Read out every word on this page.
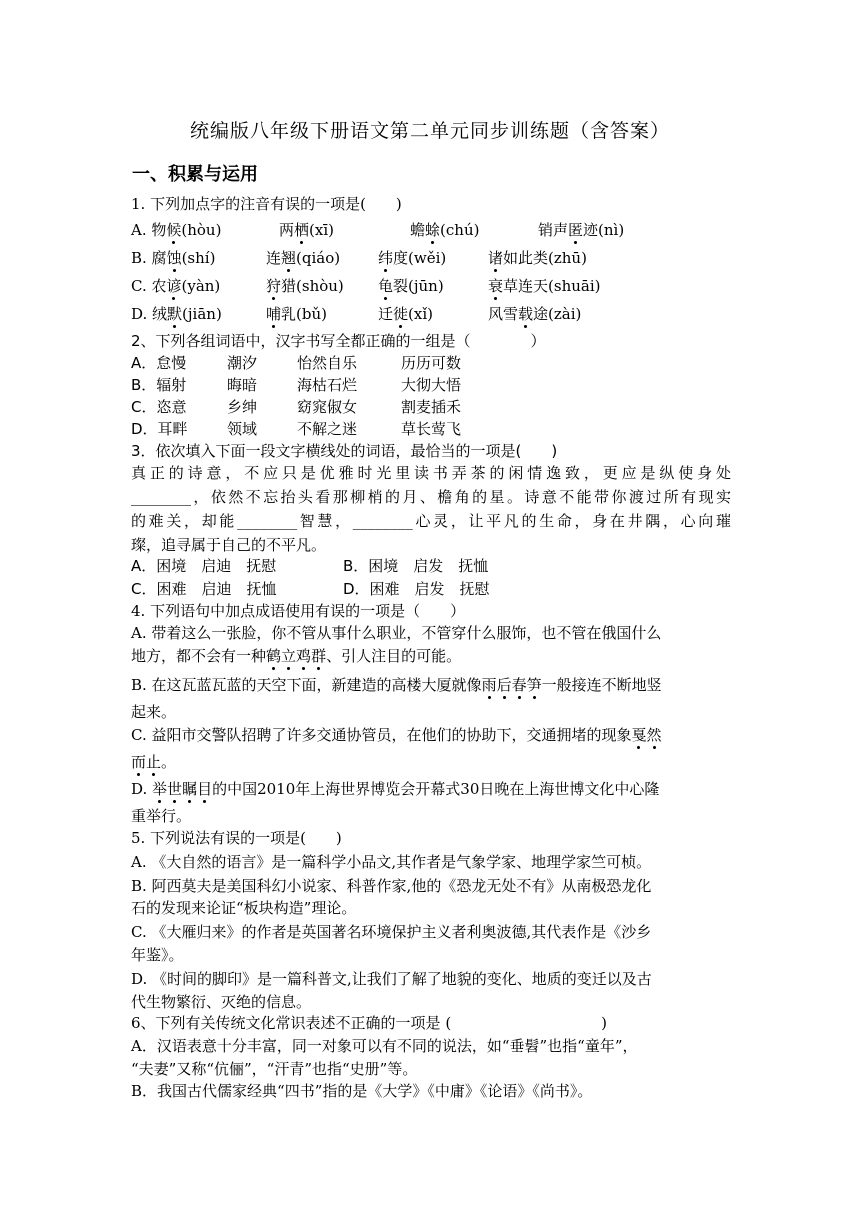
统编版八年级下册语文第二单元同步训练题（含答案）
一、积累与运用
1. 下列加点字的注音有误的一项是(　　)
A. 物候(hòu)	两栖(xī)	蟾蜍(chú)	销声匿迹(nì)
B. 腐蚀(shí)	连翘(qiáo)	纬度(wěi)	诸如此类(zhū)
C. 农谚(yàn)	狩猎(shòu) 龟裂(jūn)	衰草连天(shuāi)
D. 绒默(jiān)	哺乳(bǔ)	迁徙(xǐ)	风雪载途(zài)
2、下列各组词语中，汉字书写全都正确的一组是（　　　　）
A．怠慢	潮汐	怡然自乐	历历可数
B．辐射	晦暗	海枯石烂	大彻大悟
C．恣意	乡绅	窈窕俶女	割麦插禾
D．耳畔	领域	不解之迷	草长莺飞
3．依次填入下面一段文字横线处的词语，最恰当的一项是(　　)
真正的诗意，不应只是优雅时光里读书弄茶的闲情逸致，更应是纵使身处
________，依然不忘抬头看那柳梢的月、檐角的星。诗意不能带你渡过所有现实
的难关，却能________智慧，________心灵，让平凡的生命，身在井隅，心向璀
璨，追寻属于自己的不平凡。
A．困境　启迪　抚慰	B．困境　启发　抚恤
C．困难　启迪　抚恤	D．困难　启发　抚慰
4. 下列语句中加点成语使用有误的一项是（　　）
A. 带着这么一张脸，你不管从事什么职业，不管穿什么服饰，也不管在俄国什么
地方，都不会有一种鹤立鸡群、引人注目的可能。
B. 在这瓦蓝瓦蓝的天空下面，新建造的高楼大厦就像雨后春笋一般接连不断地竖
起来。
C. 益阳市交警队招聘了许多交通协管员，在他们的协助下，交通拥堵的现象戛然
而止。
D. 举世瞩目的中国2010年上海世界博览会开幕式30日晚在上海世博文化中心隆
重举行。
5. 下列说法有误的一项是(　　)
A. 《大自然的语言》是一篇科学小品文,其作者是气象学家、地理学家竺可桢。
B. 阿西莫夫是美国科幻小说家、科普作家,他的《恐龙无处不有》从南极恐龙化
石的发现来论证“板块构造”理论。
C. 《大雁归来》的作者是英国著名环境保护主义者利奥波德,其代表作是《沙乡
年鉴》。
D. 《时间的脚印》是一篇科普文,让我们了解了地貌的变化、地质的变迁以及古
代生物繁衍、灭绝的信息。
6、下列有关传统文化常识表述不正确的一项是 (　　　　　　　　　　)
A．汉语表意十分丰富，同一对象可以有不同的说法，如“垂髫”也指“童年”，
“夫妻”又称“伉俪”，“汗青”也指“史册”等。
B．我国古代儒家经典“四书”指的是《大学》《中庸》《论语》《尚书》。
